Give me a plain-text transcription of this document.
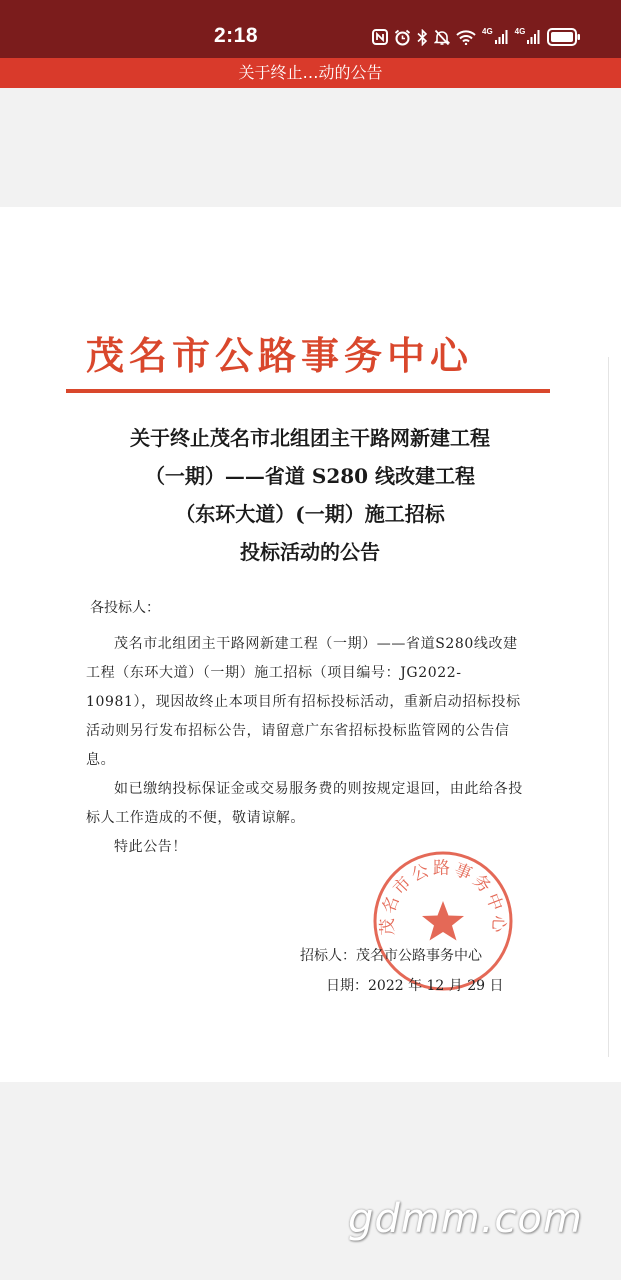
2:18	4G	4G
关于终止…动的公告
茂名市公路事务中心
关于终止茂名市北组团主干路网新建工程
（一期）——省道 S280 线改建工程
（东环大道）(一期）施工招标
投标活动的公告
各投标人：

茂名市北组团主干路网新建工程（一期）——省道S280线改建工程（东环大道）（一期）施工招标（项目编号：JG2022-10981），现因故终止本项目所有招标投标活动，重新启动招标投标活动则另行发布招标公告，请留意广东省招标投标监管网的公告信息。

如已缴纳投标保证金或交易服务费的则按规定退回，由此给各投标人工作造成的不便，敬请谅解。

特此公告！

茂名市公路事务中心
招标人：茂名市公路事务中心
日期：2022 年 12 月 29 日
gdmm.com
